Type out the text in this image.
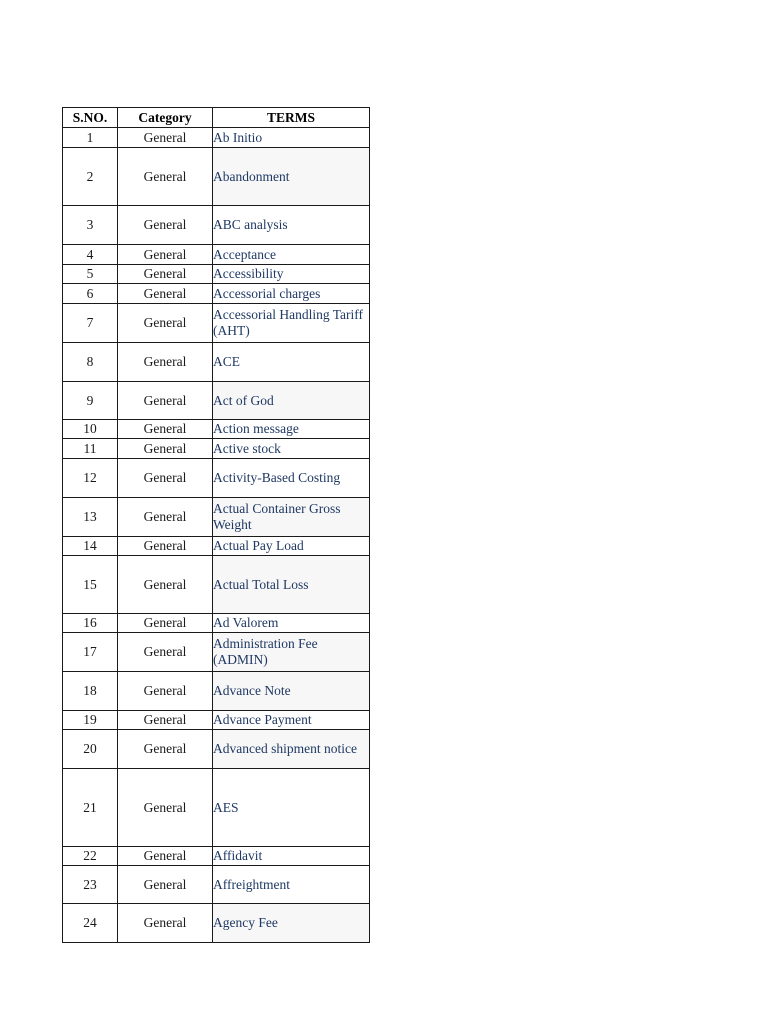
S.NO.	Category	TERMS
1	General	Ab Initio
2	General	Abandonment
3	General	ABC analysis
4	General	Acceptance
5	General	Accessibility
6	General	Accessorial charges
7	General	Accessorial Handling Tariff (AHT)
8	General	ACE
9	General	Act of God
10	General	Action message
11	General	Active stock
12	General	Activity-Based Costing
13	General	Actual Container Gross Weight
14	General	Actual Pay Load
15	General	Actual Total Loss
16	General	Ad Valorem
17	General	Administration Fee (ADMIN)
18	General	Advance Note
19	General	Advance Payment
20	General	Advanced shipment notice
21	General	AES
22	General	Affidavit
23	General	Affreightment
24	General	Agency Fee
